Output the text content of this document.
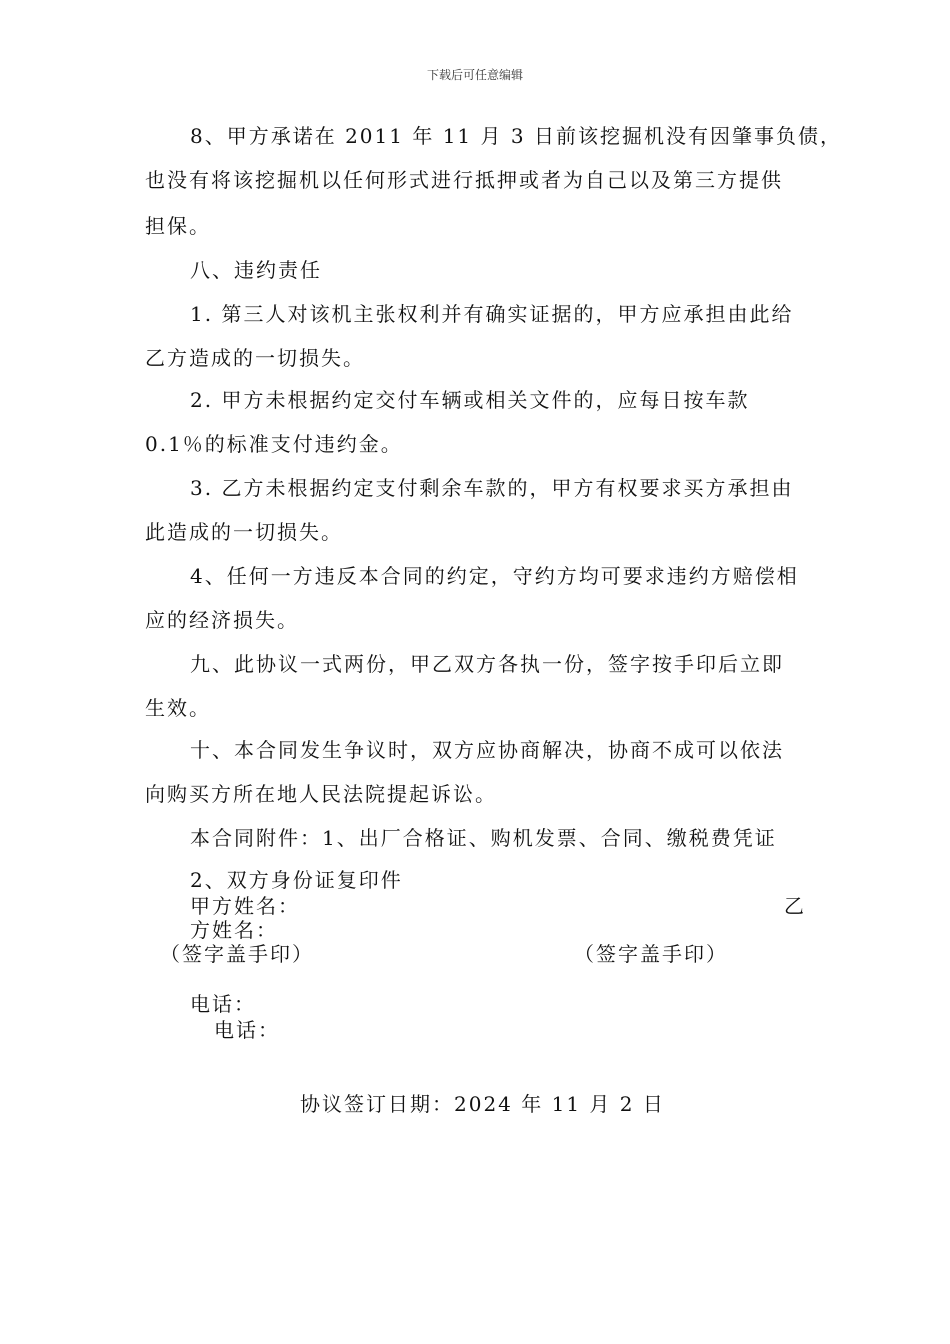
下载后可任意编辑
8、甲方承诺在 2011 年 11 月 3 日前该挖掘机没有因肇事负债，
也没有将该挖掘机以任何形式进行抵押或者为自己以及第三方提供
担保。
八、违约责任
1. 第三人对该机主张权利并有确实证据的，甲方应承担由此给
乙方造成的一切损失。
2. 甲方未根据约定交付车辆或相关文件的，应每日按车款
0.1％的标准支付违约金。
3. 乙方未根据约定支付剩余车款的，甲方有权要求买方承担由
此造成的一切损失。
4、任何一方违反本合同的约定，守约方均可要求违约方赔偿相
应的经济损失。
九、此协议一式两份，甲乙双方各执一份，签字按手印后立即
生效。
十、本合同发生争议时，双方应协商解决，协商不成可以依法
向购买方所在地人民法院提起诉讼。
本合同附件：1、出厂合格证、购机发票、合同、缴税费凭证
2、双方身份证复印件
甲方姓名：	乙
方姓名：
（签字盖手印）	（签字盖手印）
电话：
电话：
协议签订日期：2024 年 11 月 2 日
